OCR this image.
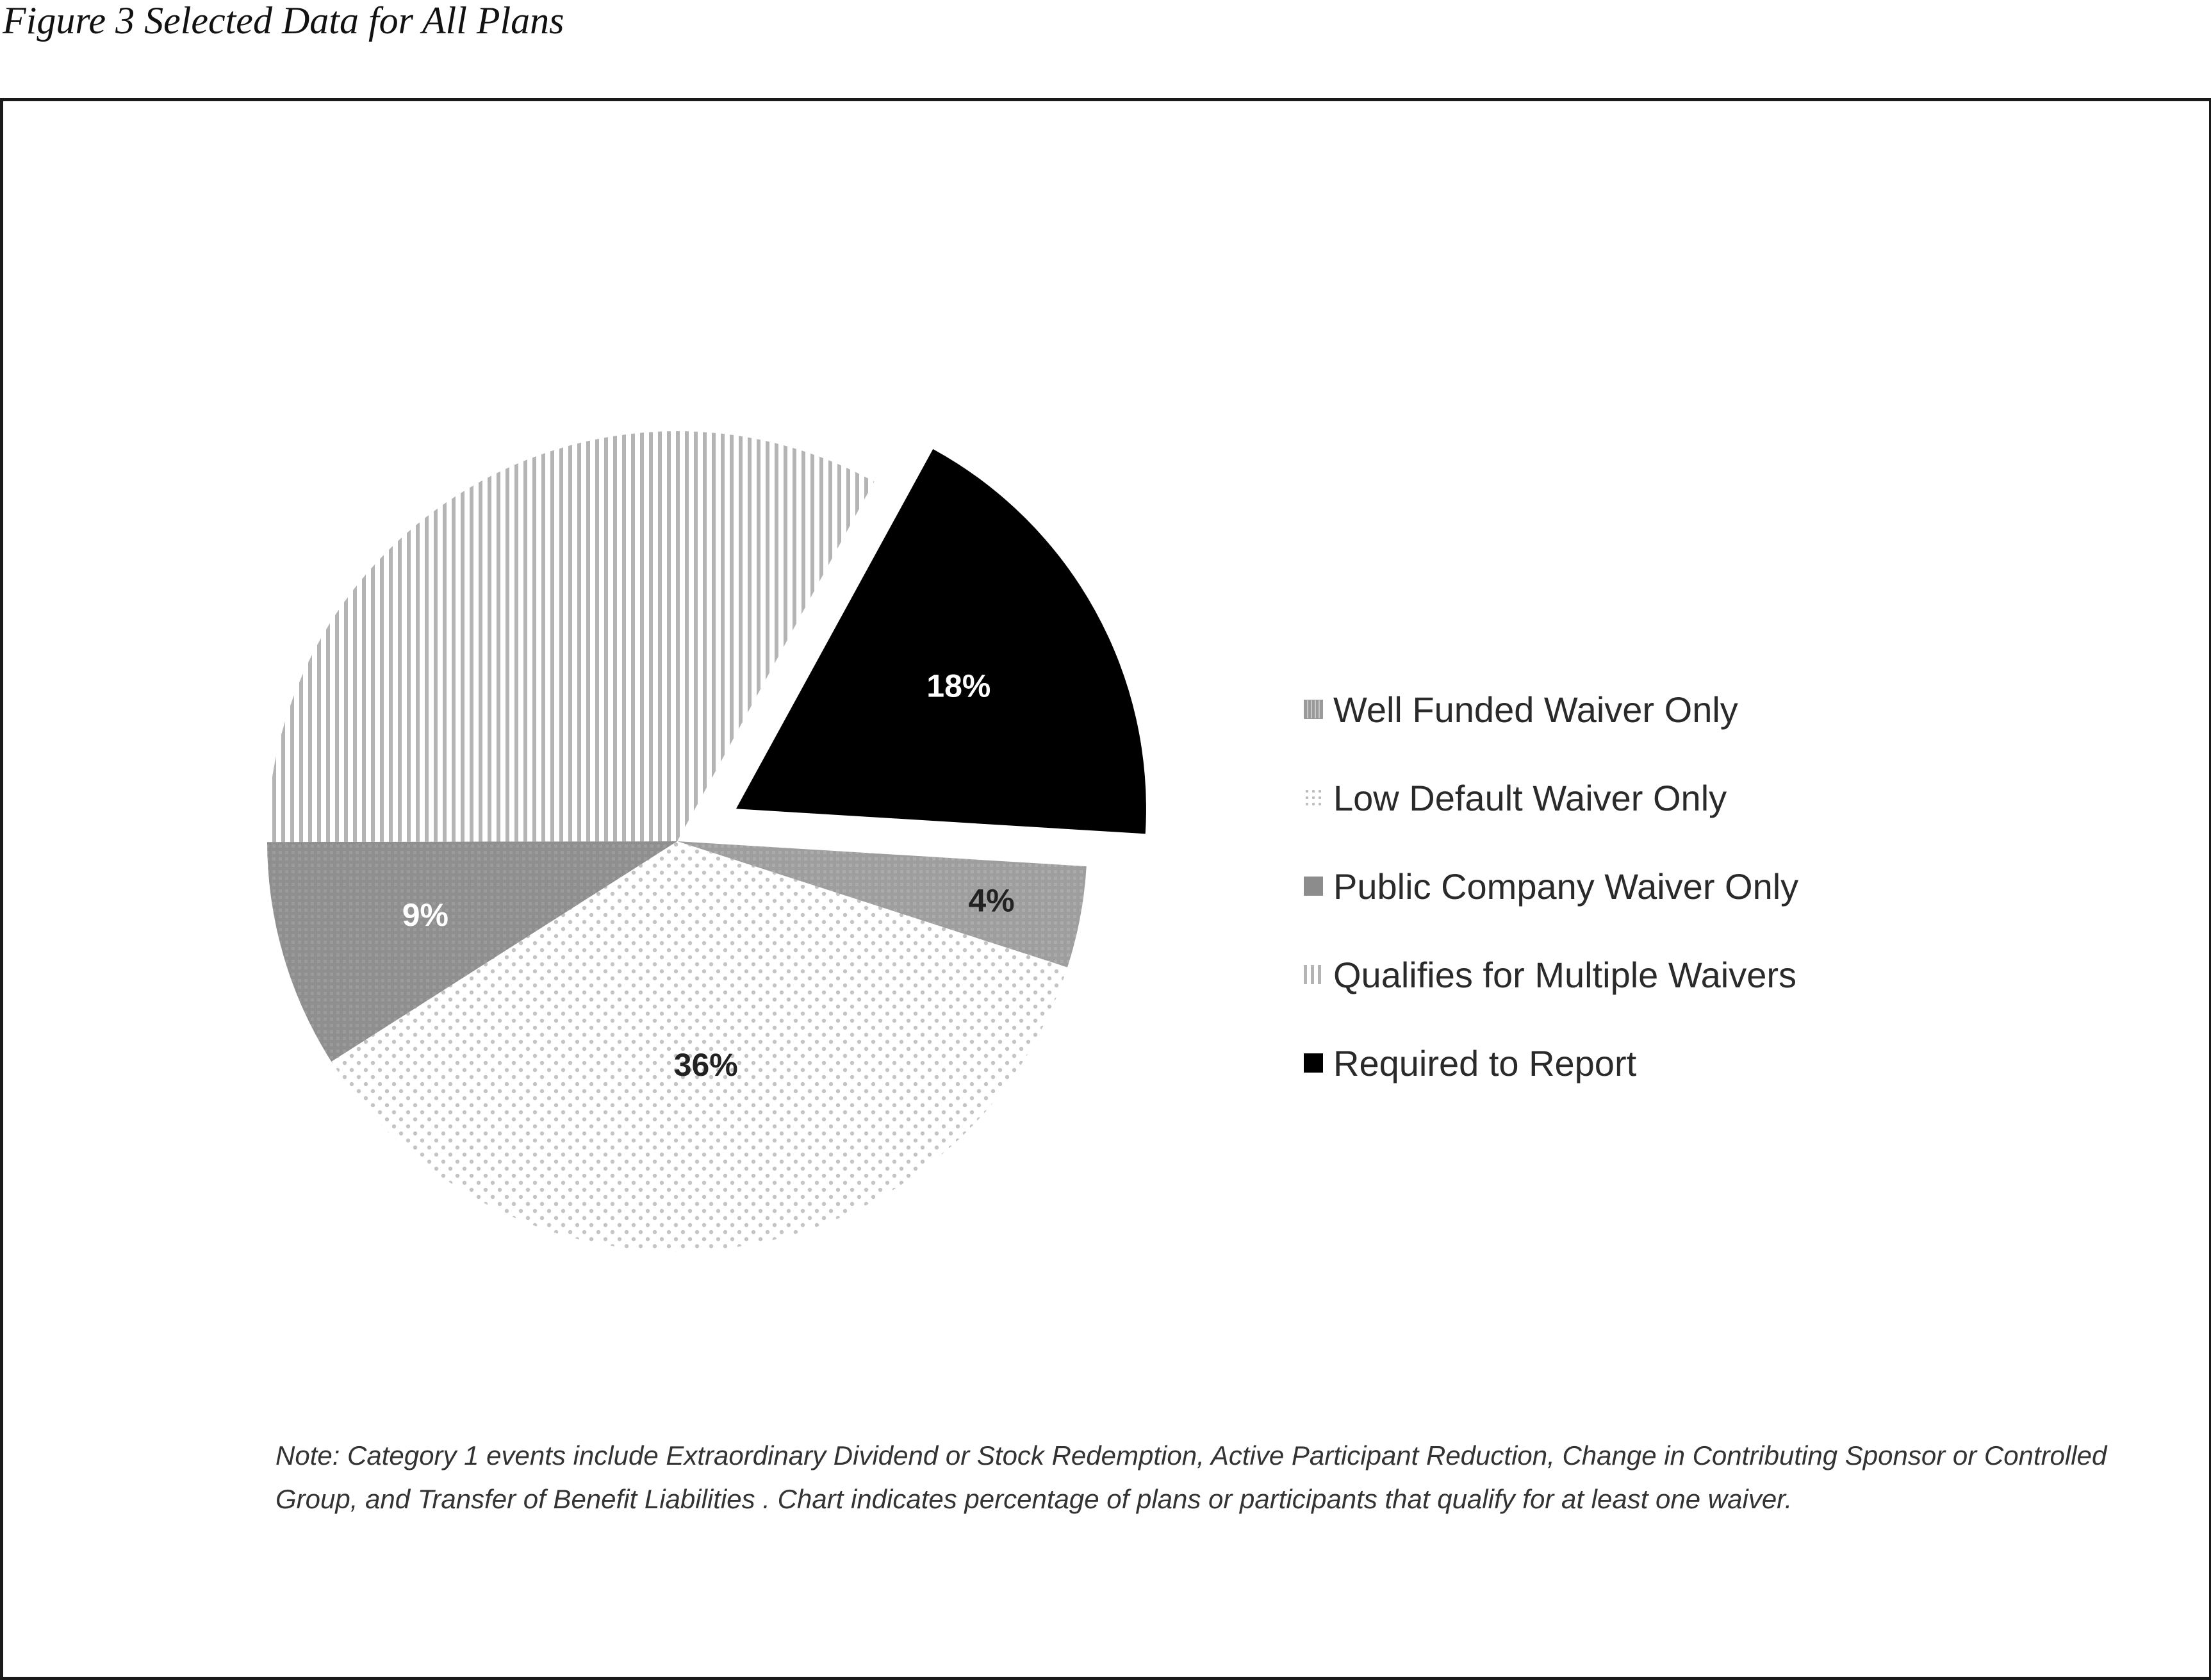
Figure 3 Selected Data for All Plans
4%
36%
9%
18%
Well Funded Waiver Only
Low Default Waiver Only
Public Company Waiver Only
Qualifies for Multiple Waivers
Required to Report
Note: Category 1 events include Extraordinary Dividend or Stock Redemption, Active Participant Reduction, Change in Contributing Sponsor or Controlled Group, and Transfer of Benefit Liabilities . Chart indicates percentage of plans or participants that qualify for at least one waiver.
